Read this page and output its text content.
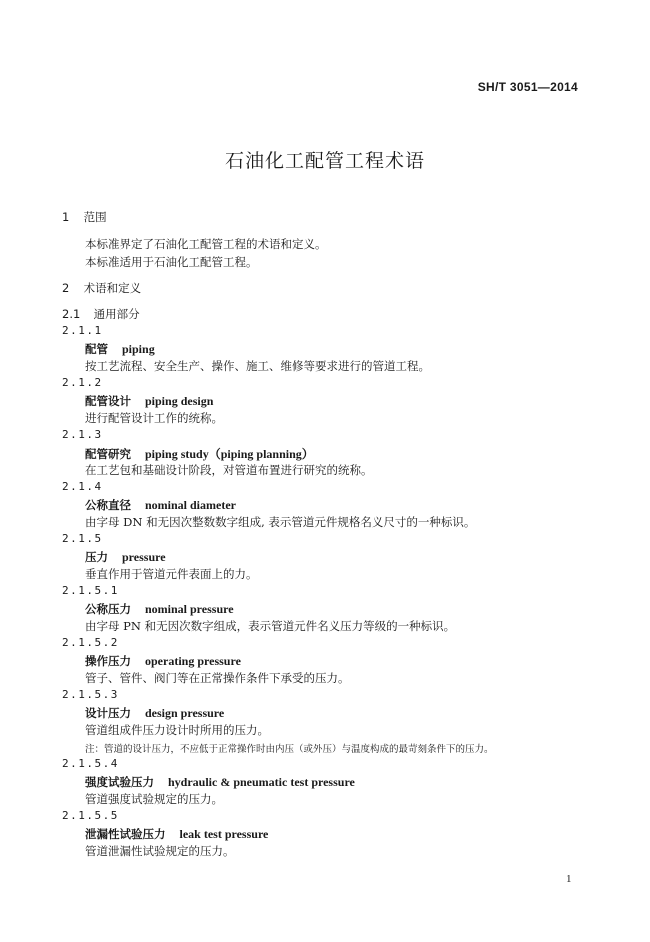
SH/T 3051—2014
石油化工配管工程术语
1 范围
本标准界定了石油化工配管工程的术语和定义。
本标准适用于石油化工配管工程。
2 术语和定义
2.1 通用部分
2.1.1
配管 piping
按工艺流程、安全生产、操作、施工、维修等要求进行的管道工程。
2.1.2
配管设计 piping design
进行配管设计工作的统称。
2.1.3
配管研究 piping study（piping planning）
在工艺包和基础设计阶段，对管道布置进行研究的统称。
2.1.4
公称直径 nominal diameter
由字母 DN 和无因次整数数字组成, 表示管道元件规格名义尺寸的一种标识。
2.1.5
压力 pressure
垂直作用于管道元件表面上的力。
2.1.5.1
公称压力 nominal pressure
由字母 PN 和无因次数字组成，表示管道元件名义压力等级的一种标识。
2.1.5.2
操作压力 operating pressure
管子、管件、阀门等在正常操作条件下承受的压力。
2.1.5.3
设计压力 design pressure
管道组成件压力设计时所用的压力。
注：管道的设计压力，不应低于正常操作时由内压（或外压）与温度构成的最苛刻条件下的压力。
2.1.5.4
强度试验压力 hydraulic & pneumatic test pressure
管道强度试验规定的压力。
2.1.5.5
泄漏性试验压力 leak test pressure
管道泄漏性试验规定的压力。
1
